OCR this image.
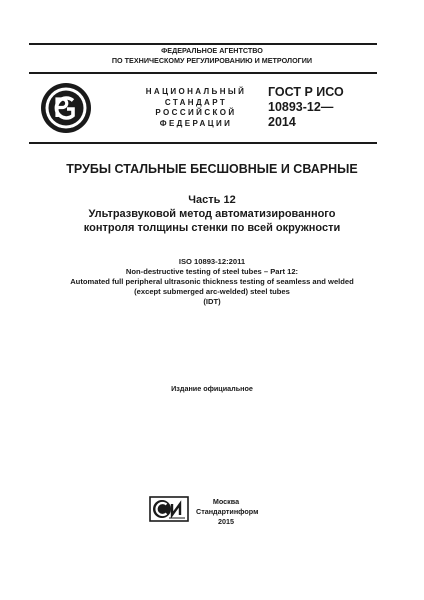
ФЕДЕРАЛЬНОЕ АГЕНТСТВО
ПО ТЕХНИЧЕСКОМУ РЕГУЛИРОВАНИЮ И МЕТРОЛОГИИ
НАЦИОНАЛЬНЫЙ
СТАНДАРТ
РОССИЙСКОЙ
ФЕДЕРАЦИИ
ГОСТ Р ИСО
10893-12—
2014
ТРУБЫ СТАЛЬНЫЕ БЕСШОВНЫЕ И СВАРНЫЕ
Часть 12
Ультразвуковой метод автоматизированного
контроля толщины стенки по всей окружности
ISO 10893-12:2011
Non-destructive testing of steel tubes – Part 12:
Automated full peripheral ultrasonic thickness testing of seamless and welded
(except submerged arc-welded) steel tubes
(IDT)
Издание официальное
Москва
Стандартинформ
2015
